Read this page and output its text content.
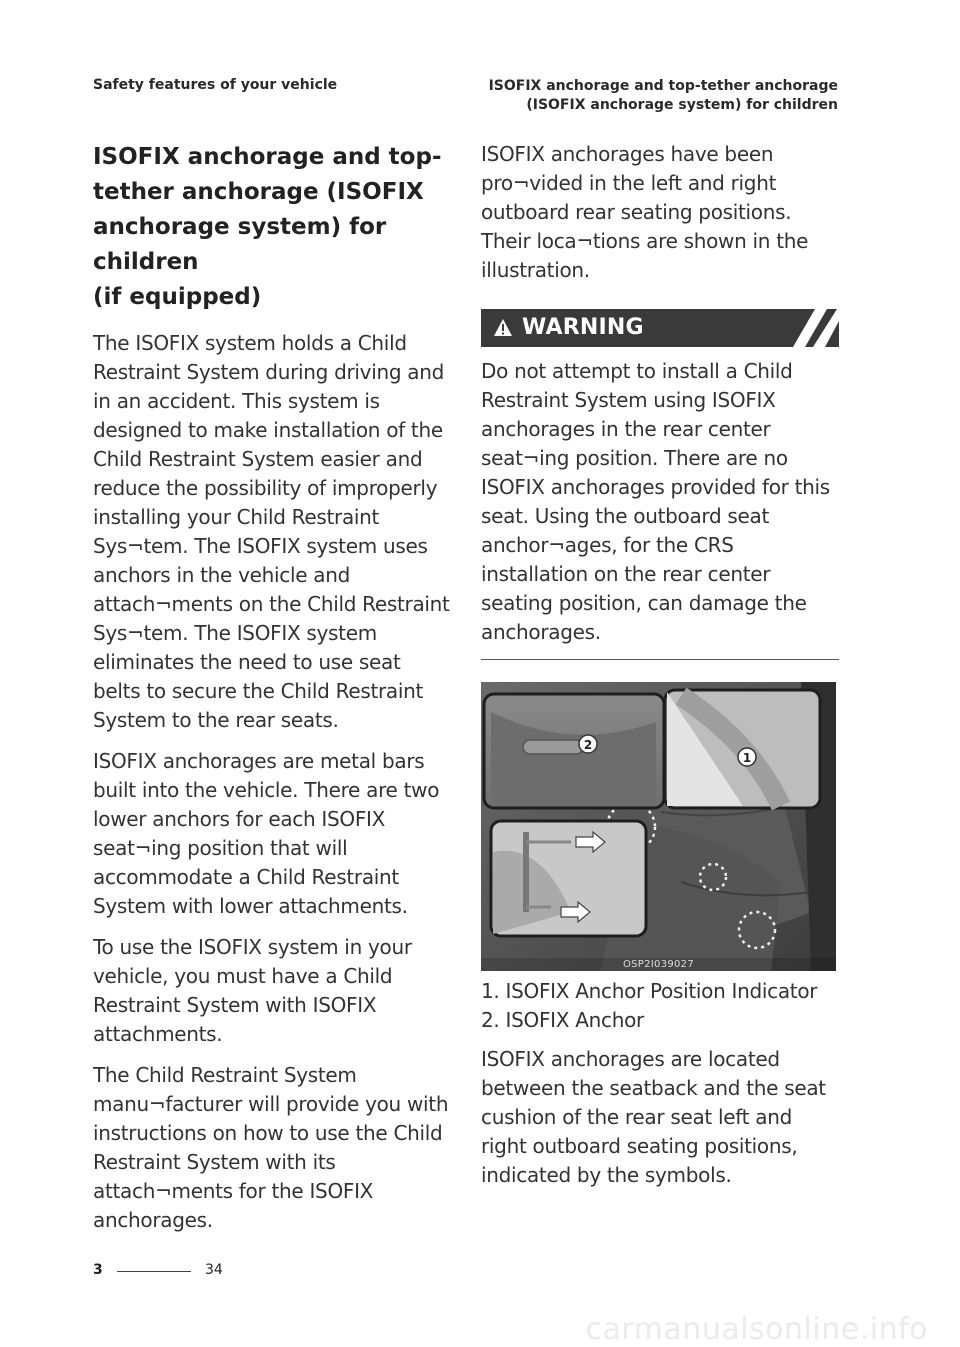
Safety features of your vehicle	ISOFIX anchorage and top-tether anchorage
(ISOFIX anchorage system) for children
ISOFIX anchorage and top-
tether anchorage (ISOFIX
anchorage system) for children
(if equipped)

The ISOFIX system holds a Child Restraint System during driving and in an accident. This system is designed to make installation of the Child Restraint System easier and reduce the possibility of improperly installing your Child Restraint Sys¬tem. The ISOFIX system uses anchors in the vehicle and attach¬ments on the Child Restraint Sys¬tem. The ISOFIX system eliminates the need to use seat belts to secure the Child Restraint System to the rear seats.

ISOFIX anchorages are metal bars built into the vehicle. There are two lower anchors for each ISOFIX seat¬ing position that will accommodate a Child Restraint System with lower attachments.

To use the ISOFIX system in your vehicle, you must have a Child Restraint System with ISOFIX attachments.

The Child Restraint System manu¬facturer will provide you with instructions on how to use the Child Restraint System with its attach¬ments for the ISOFIX anchorages.

ISOFIX anchorages have been pro¬vided in the left and right outboard rear seating positions. Their loca¬tions are shown in the illustration.

WARNING

Do not attempt to install a Child Restraint System using ISOFIX anchorages in the rear center seat¬ing position. There are no ISOFIX anchorages provided for this seat. Using the outboard seat anchor¬ages, for the CRS installation on the rear center seating position, can damage the anchorages.

2
1
OSP2I039027
1. ISOFIX Anchor Position Indicator
2. ISOFIX Anchor

ISOFIX anchorages are located between the seatback and the seat cushion of the rear seat left and right outboard seating positions, indicated by the symbols.

3	34
carmanualsonline.info
